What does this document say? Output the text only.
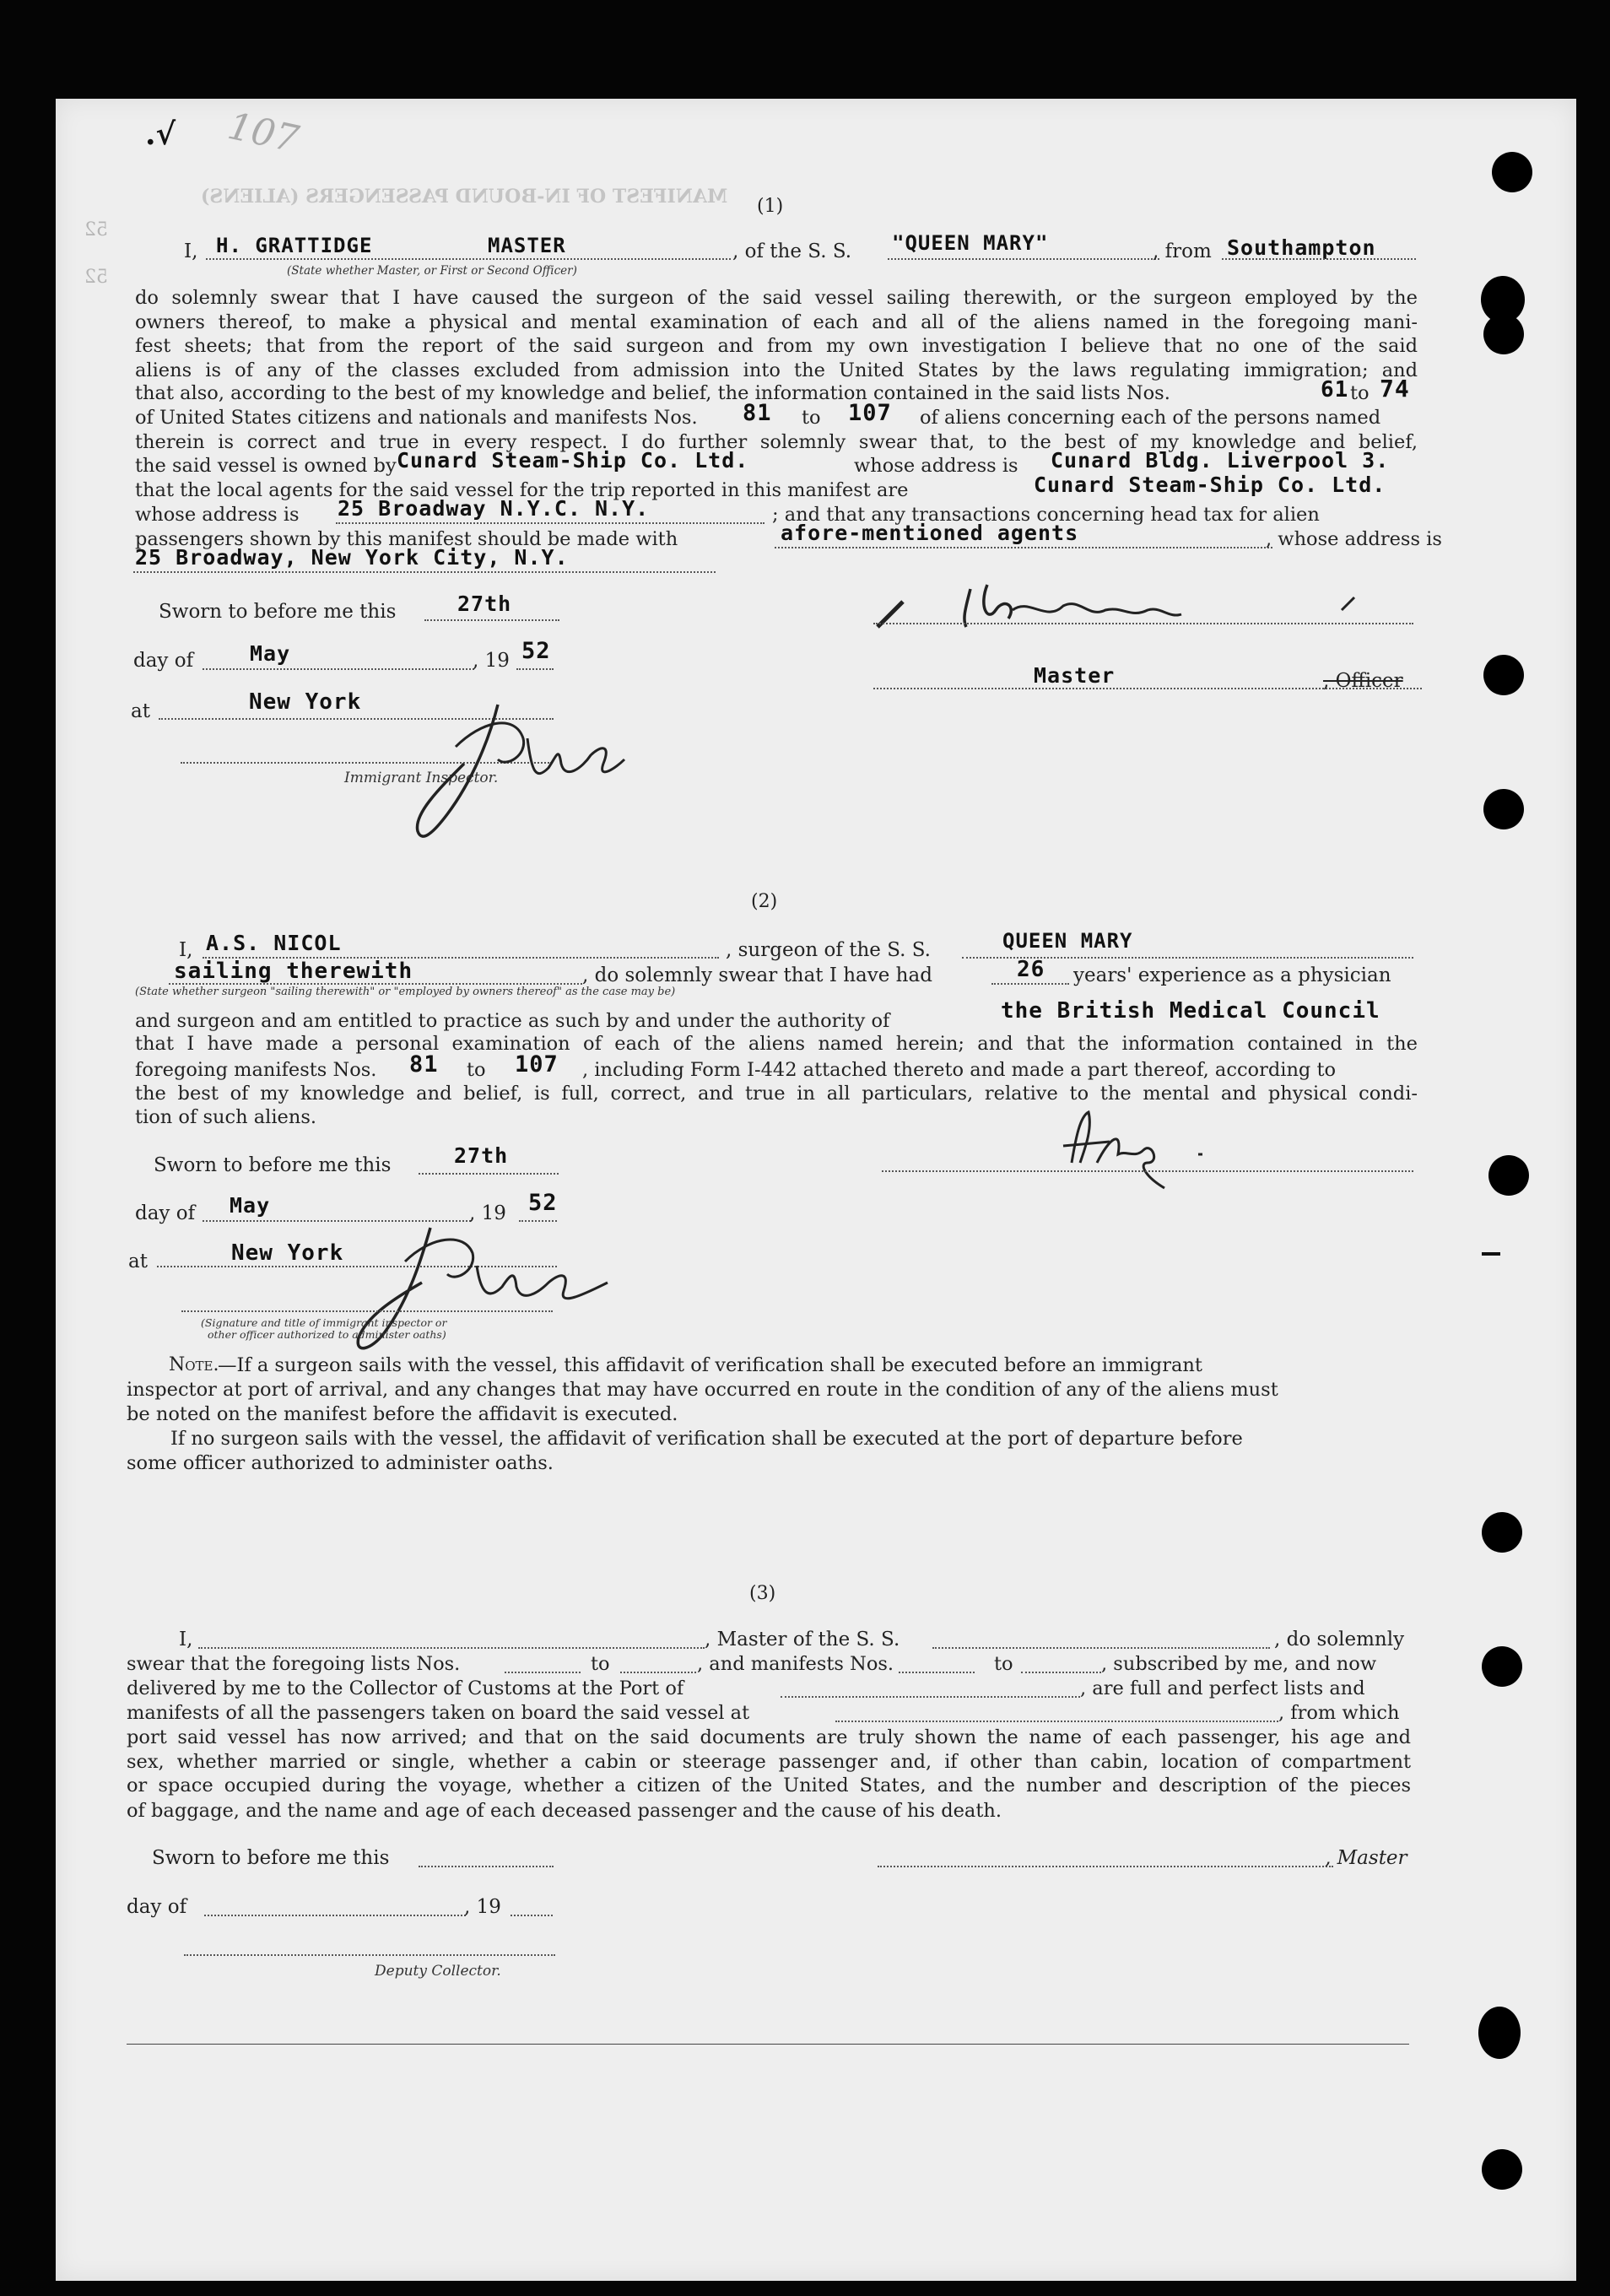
.√ 107
MANIFEST OF IN-BOUND PASSENGERS (ALIENS)
52
52
(1)
I, H. GRATTIDGE	MASTER
(State whether Master, or First or Second Officer)
, of the S. S. "QUEEN MARY"	, from Southampton
do solemnly swear that I have caused the surgeon of the said vessel sailing therewith, or the surgeon employed by the
owners thereof, to make a physical and mental examination of each and all of the aliens named in the foregoing mani-
fest sheets; that from the report of the said surgeon and from my own investigation I believe that no one of the said
aliens is of any of the classes excluded from admission into the United States by the laws regulating immigration; and
that also, according to the best of my knowledge and belief, the information contained in the said lists Nos.	61 to 74
of United States citizens and nationals and manifests Nos. 81 to 107 of aliens concerning each of the persons named
therein is correct and true in every respect. I do further solemnly swear that, to the best of my knowledge and belief,
the said vessel is owned by Cunard Steam-Ship Co. Ltd.	whose address is Cunard Bldg. Liverpool 3.
that the local agents for the said vessel for the trip reported in this manifest are	Cunard Steam-Ship Co. Ltd.
whose address is 25 Broadway N.Y.C. N.Y.	; and that any transactions concerning head tax for alien
passengers shown by this manifest should be made with	afore-mentioned agents	, whose address is
25 Broadway, New York City, N.Y.
Sworn to before me this	27th
day of	May	, 19 52
at	New York
Immigrant Inspector.
Master	, Officer
(2)
I, A.S. NICOL	, surgeon of the S. S.	QUEEN MARY
sailing therewith	, do solemnly swear that I have had	26 years' experience as a physician
(State whether surgeon "sailing therewith" or "employed by owners thereof" as the case may be)
and surgeon and am entitled to practice as such by and under the authority of	the British Medical Council
that I have made a personal examination of each of the aliens named herein; and that the information contained in the
foregoing manifests Nos. 81 to 107 , including Form I-442 attached thereto and made a part thereof, according to
the best of my knowledge and belief, is full, correct, and true in all particulars, relative to the mental and physical condi-
tion of such aliens.
Sworn to before me this	27th
day of May	, 19 52
at	New York
(Signature and title of immigrant inspector or
other officer authorized to administer oaths)
Note.
—If a surgeon sails with the vessel, this affidavit of verification shall be executed before an immigrant
inspector at port of arrival, and any changes that may have occurred en route in the condition of any of the aliens must
be noted on the manifest before the affidavit is executed.
If no surgeon sails with the vessel, the affidavit of verification shall be executed at the port of departure before
some officer authorized to administer oaths.
(3)
I,	, Master of the S. S.	, do solemnly
swear that the foregoing lists Nos.	to	, and manifests Nos.	to	, subscribed by me, and now
delivered by me to the Collector of Customs at the Port of	, are full and perfect lists and
manifests of all the passengers taken on board the said vessel at	, from which
port said vessel has now arrived; and that on the said documents are truly shown the name of each passenger, his age and
sex, whether married or single, whether a cabin or steerage passenger and, if other than cabin, location of compartment
or space occupied during the voyage, whether a citizen of the United States, and the number and description of the pieces
of baggage, and the name and age of each deceased passenger and the cause of his death.
Sworn to before me this	, Master
day of	, 19
Deputy Collector.
